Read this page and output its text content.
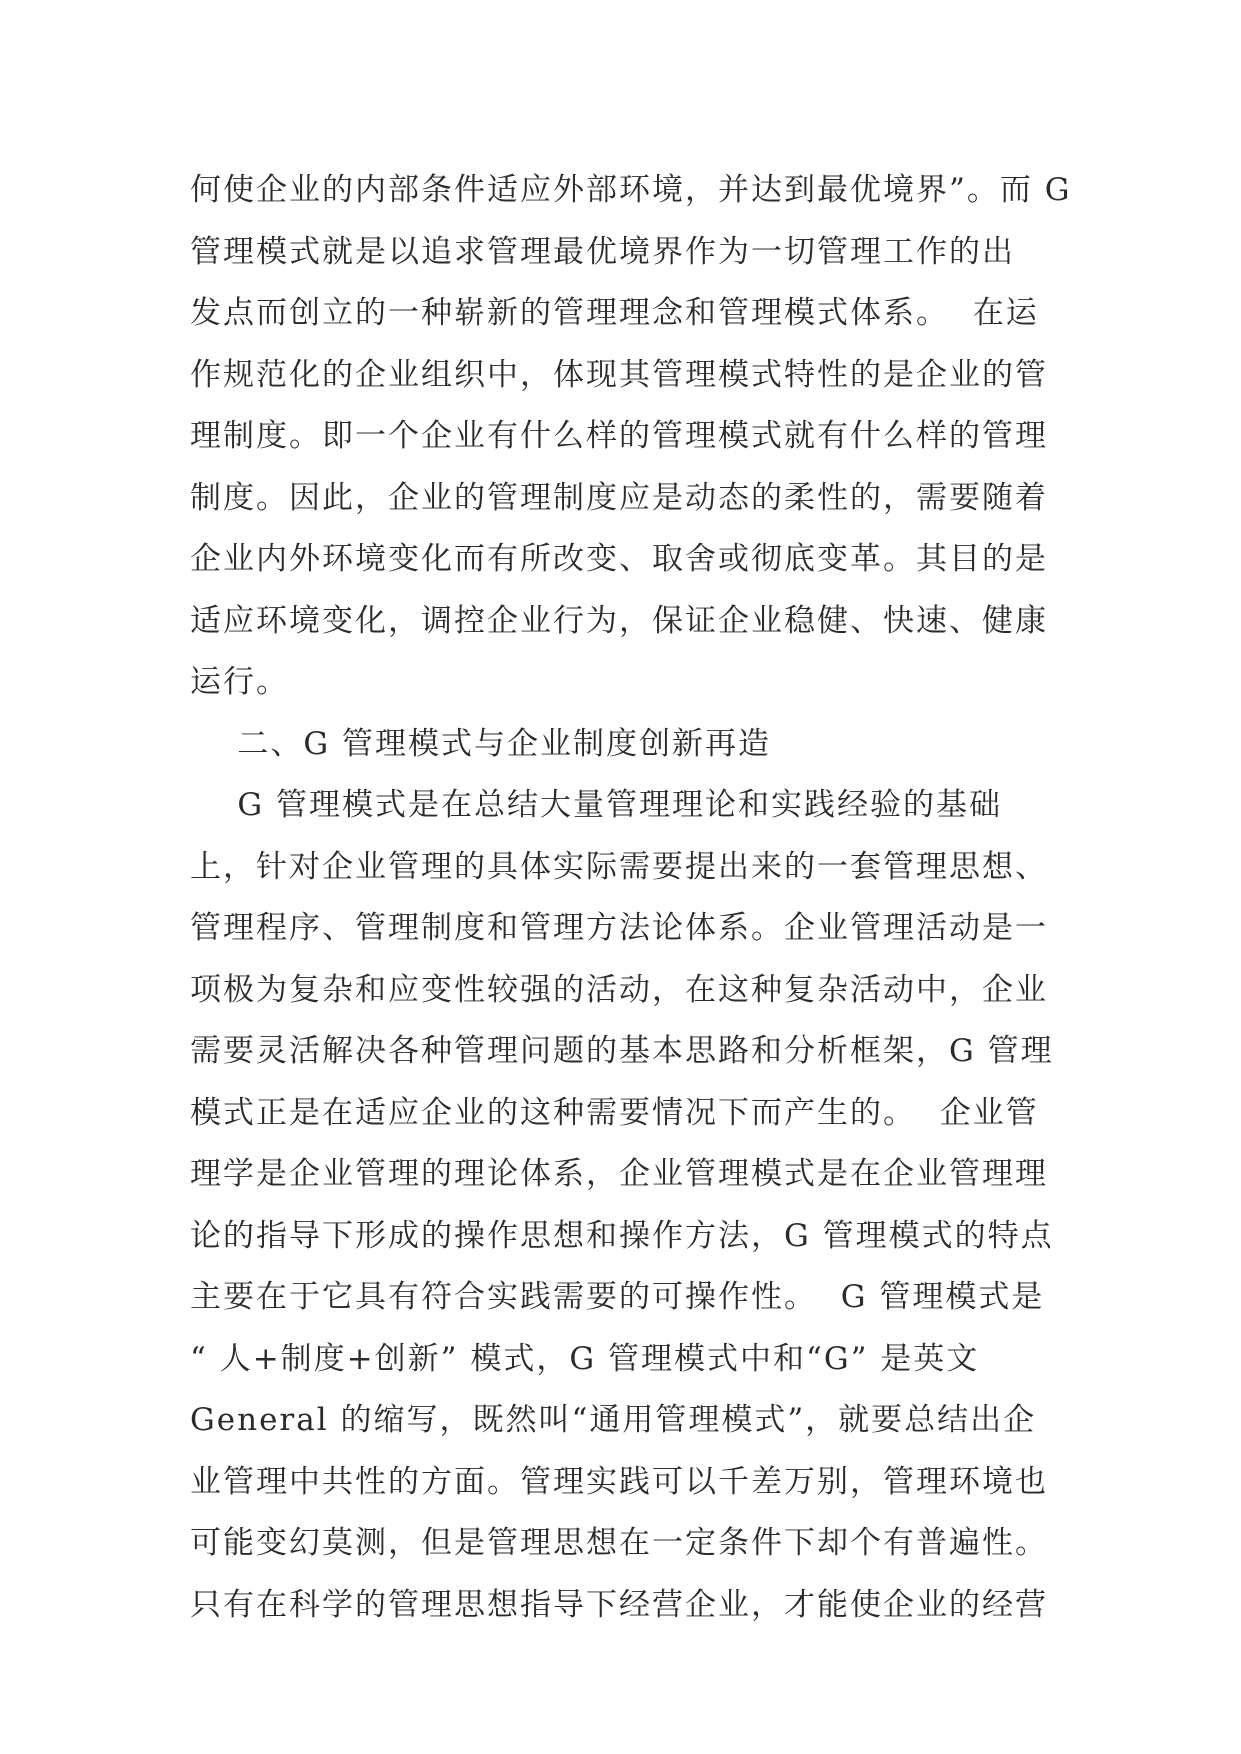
何使企业的内部条件适应外部环境，并达到最优境界”。而 G
管理模式就是以追求管理最优境界作为一切管理工作的出
发点而创立的一种崭新的管理理念和管理模式体系。  在运
作规范化的企业组织中，体现其管理模式特性的是企业的管
理制度。即一个企业有什么样的管理模式就有什么样的管理
制度。因此，企业的管理制度应是动态的柔性的，需要随着
企业内外环境变化而有所改变、取舍或彻底变革。其目的是
适应环境变化，调控企业行为，保证企业稳健、快速、健康
运行。
二、G 管理模式与企业制度创新再造
G 管理模式是在总结大量管理理论和实践经验的基础
上，针对企业管理的具体实际需要提出来的一套管理思想、
管理程序、管理制度和管理方法论体系。企业管理活动是一
项极为复杂和应变性较强的活动，在这种复杂活动中，企业
需要灵活解决各种管理问题的基本思路和分析框架，G 管理
模式正是在适应企业的这种需要情况下而产生的。  企业管
理学是企业管理的理论体系，企业管理模式是在企业管理理
论的指导下形成的操作思想和操作方法，G 管理模式的特点
主要在于它具有符合实践需要的可操作性。  G 管理模式是
“ 人+制度+创新” 模式，G 管理模式中和“G” 是英文
General 的缩写，既然叫“通用管理模式”，就要总结出企
业管理中共性的方面。管理实践可以千差万别，管理环境也
可能变幻莫测，但是管理思想在一定条件下却个有普遍性。
只有在科学的管理思想指导下经营企业，才能使企业的经营
